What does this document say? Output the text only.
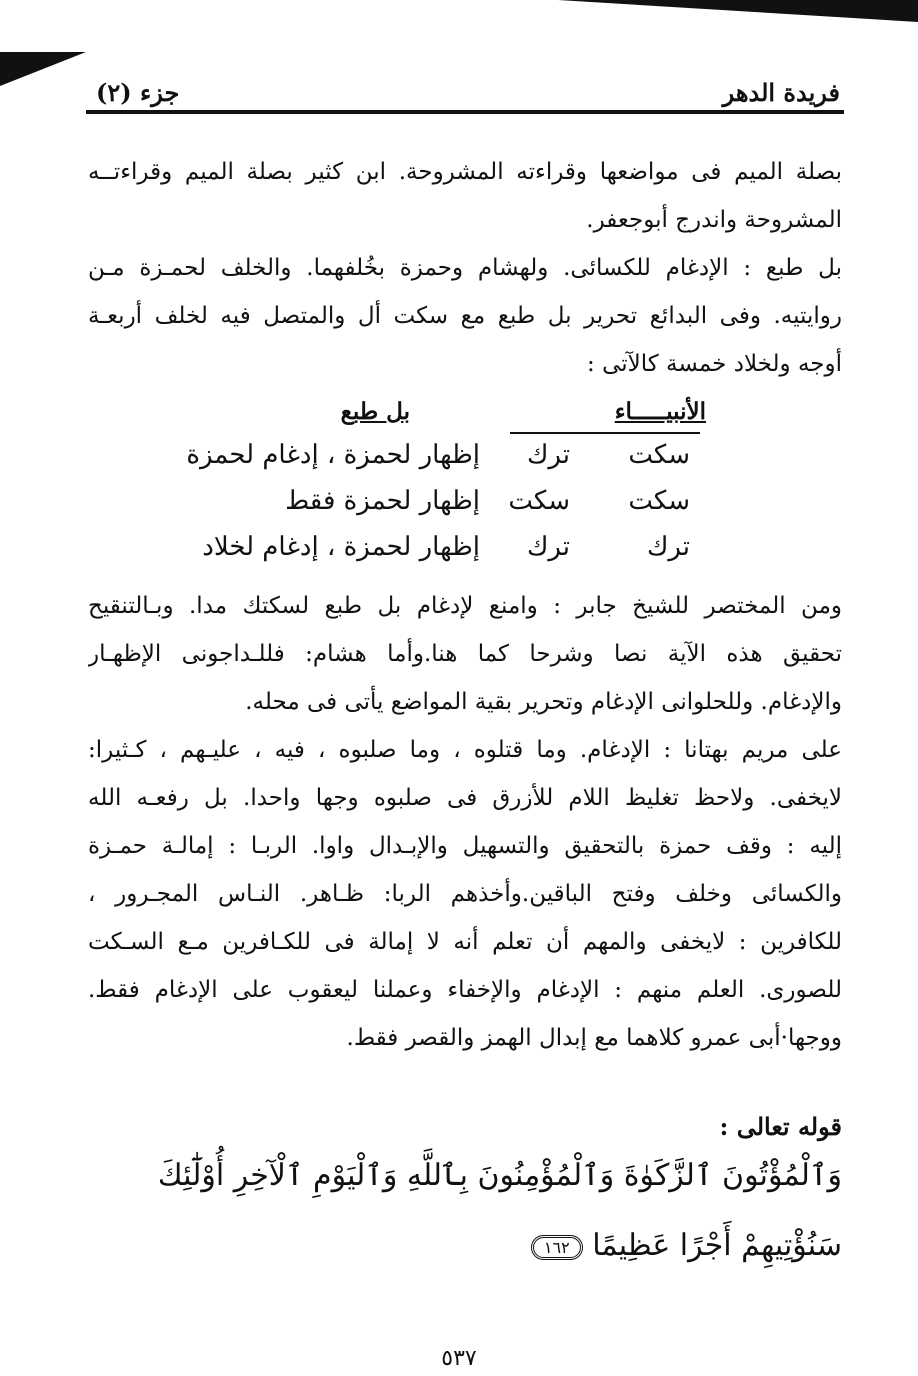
فريدة الدهر
جزء (٢)
بصلة الميم فى مواضعها وقراءته المشروحة. ابن كثير بصلة الميم وقراءتــه
المشروحة واندرج أبوجعفر.
بل طبع : الإدغام للكسائى. ولهشام وحمزة بخُلفهما. والخلف لحمـزة مـن
روايتيه. وفى البدائع تحرير بل طبع مع سكت أل والمتصل فيه لخلف أربعـة
أوجه ولخلاد خمسة كالآتى :
الأنبيـــــاء
بل طبع
سكت
ترك
إظهار لحمزة ، إدغام لحمزة
سكت
سكت
إظهار لحمزة فقط
ترك
ترك
إظهار لحمزة ، إدغام لخلاد
ومن المختصر للشيخ جابر : وامنع لإدغام بل طبع لسكتك مدا. وبـالتنقيح
تحقيق هذه الآية نصا وشرحا كما هنا.وأما هشام: فللـداجونى الإظهـار
والإدغام. وللحلوانى الإدغام وتحرير بقية المواضع يأتى فى محله.
على مريم بهتانا : الإدغام. وما قتلوه ، وما صلبوه ، فيه ، عليـهم ، كـثيرا:
لايخفى. ولاحظ تغليظ اللام للأزرق فى صلبوه وجها واحدا. بل رفعـه الله
إليه : وقف حمزة بالتحقيق والتسهيل والإبـدال واوا. الربـا : إمالـة حمـزة
والكسائى وخلف وفتح الباقين.وأخذهم الربا: ظـاهر. النـاس المجـرور ،
للكافرين : لايخفى والمهم أن تعلم أنه لا إمالة فى للكـافرين مـع السـكت
للصورى. العلم منهم : الإدغام والإخفاء وعملنا ليعقوب على الإدغام فقط.
ووجها·أبى عمرو كلاهما مع إبدال الهمز والقصر فقط.
قوله تعالى :
وَٱلْمُؤْتُونَ ٱلزَّكَوٰةَ وَٱلْمُؤْمِنُونَ بِٱللَّهِ وَٱلْيَوْمِ ٱلْآخِرِ أُوْلَٰٓئِكَ
سَنُؤْتِيهِمْ أَجْرًا عَظِيمًا ١٦٢
٥٣٧
